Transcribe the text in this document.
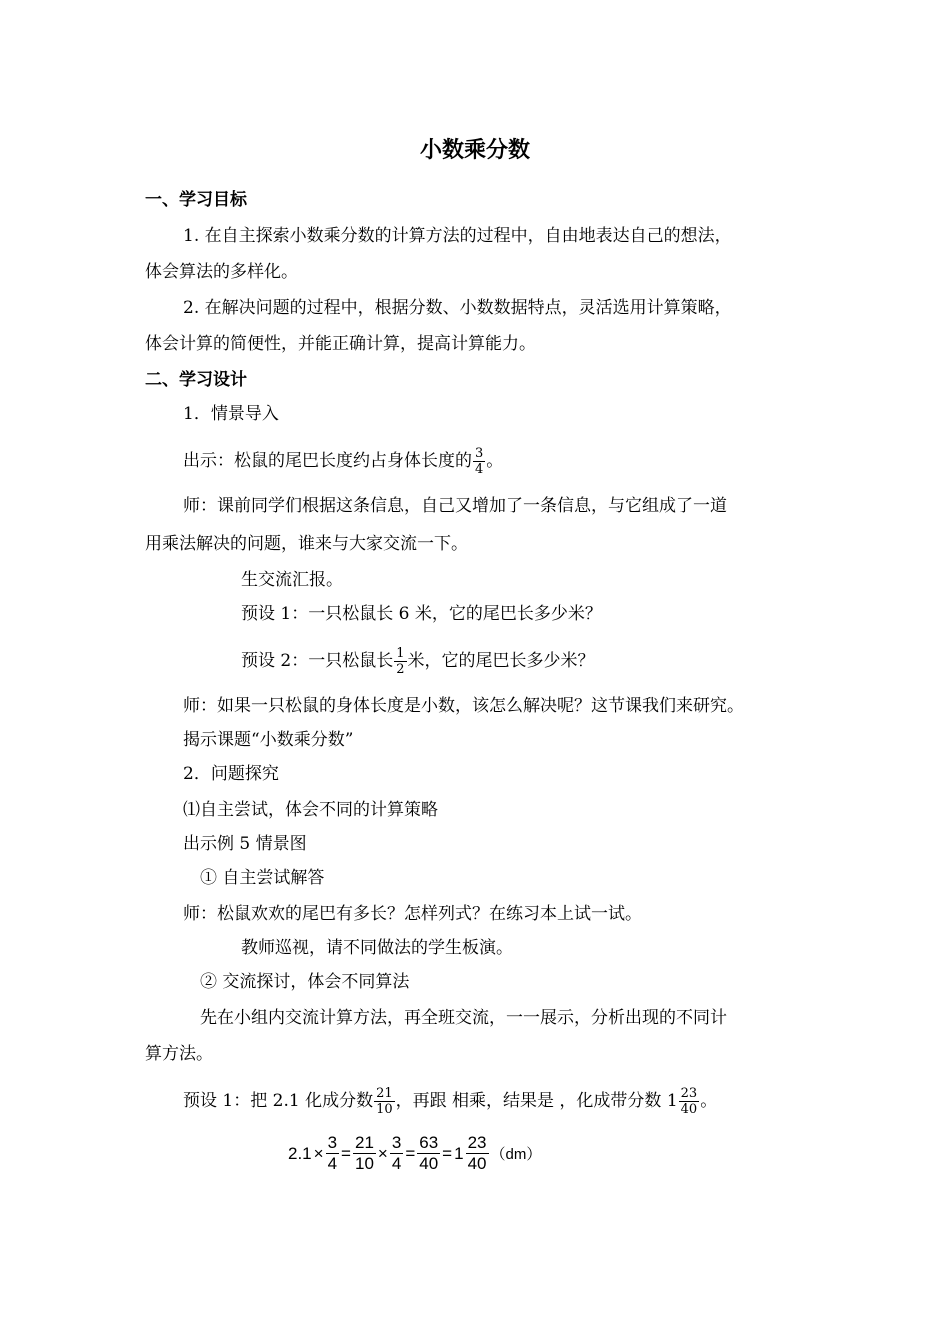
小数乘分数
一、学习目标
1. 在自主探索小数乘分数的计算方法的过程中，自由地表达自己的想法，
体会算法的多样化。
2. 在解决问题的过程中，根据分数、小数数据特点，灵活选用计算策略，
体会计算的简便性，并能正确计算，提高计算能力。
二、学习设计
1．情景导入
出示：松鼠的尾巴长度约占身体长度的 $\frac{3}{4}$ 。
师：课前同学们根据这条信息，自己又增加了一条信息，与它组成了一道
用乘法解决的问题，谁来与大家交流一下。
生交流汇报。
预设 1：一只松鼠长 6 米，它的尾巴长多少米？
预设 2：一只松鼠长 $\frac{1}{2}$ 米，它的尾巴长多少米？
师：如果一只松鼠的身体长度是小数，该怎么解决呢？这节课我们来研究。
揭示课题“小数乘分数”
2．问题探究
⑴自主尝试，体会不同的计算策略
出示例 5 情景图
① 自主尝试解答
师：松鼠欢欢的尾巴有多长？怎样列式？在练习本上试一试。
教师巡视，请不同做法的学生板演。
② 交流探讨，体会不同算法
先在小组内交流计算方法，再全班交流，一一展示，分析出现的不同计
算方法。
预设 1：把 2.1 化成分数 $\frac{21}{10}$ ，再跟 相乘，结果是 ，化成带分数 $1 \frac{23}{40}$ 。
$2.1 \times \frac{3}{4} = \frac{21}{10} \times \frac{3}{4} = \frac{63}{40} = 1 \frac{23}{40} (dm)$
